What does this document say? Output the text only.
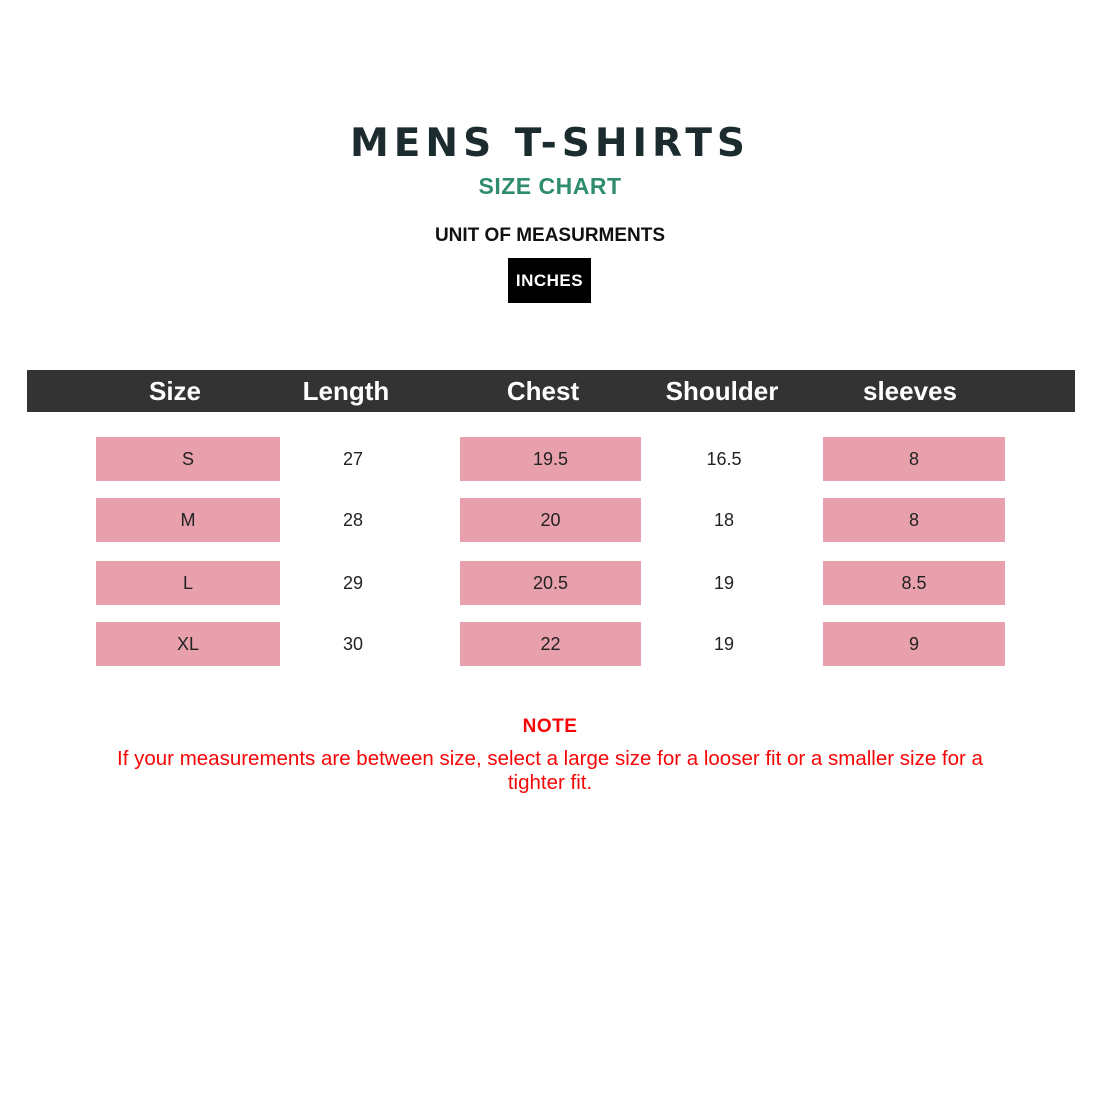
MENS T-SHIRTS
SIZE CHART
UNIT OF MEASURMENTS
INCHES
Size	Length	Chest	Shoulder	sleeves
S	27	19.5	16.5	8
M	28	20	18	8
L	29	20.5	19	8.5
XL	30	22	19	9
NOTE
If your measurements are between size, select a large size for a looser fit or a smaller size for a tighter fit.
